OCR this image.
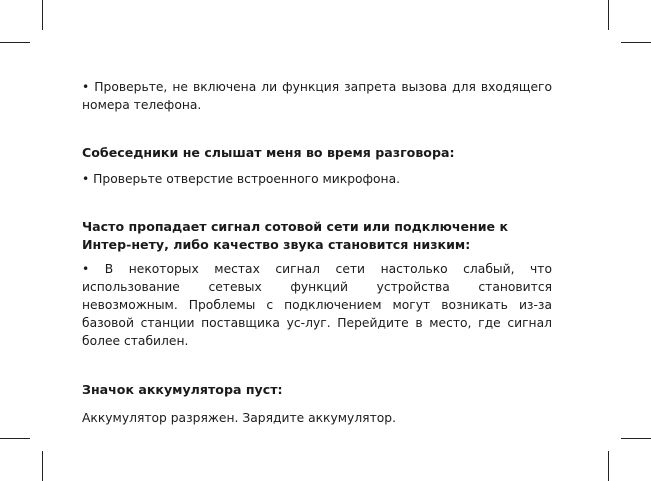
• Проверьте, не включена ли функция запрета вызова для входящего номера телефона.

Собеседники не слышат меня во время разговора:

• Проверьте отверстие встроенного микрофона.

Часто пропадает сигнал сотовой сети или подключение к Интер-нету, либо качество звука становится низким:

• В некоторых местах сигнал сети настолько слабый, что использование сетевых функций устройства становится невозможным. Проблемы с подключением могут возникать из-за базовой станции поставщика ус-луг. Перейдите в место, где сигнал более стабилен.

Значок аккумулятора пуст:

Аккумулятор разряжен. Зарядите аккумулятор.
